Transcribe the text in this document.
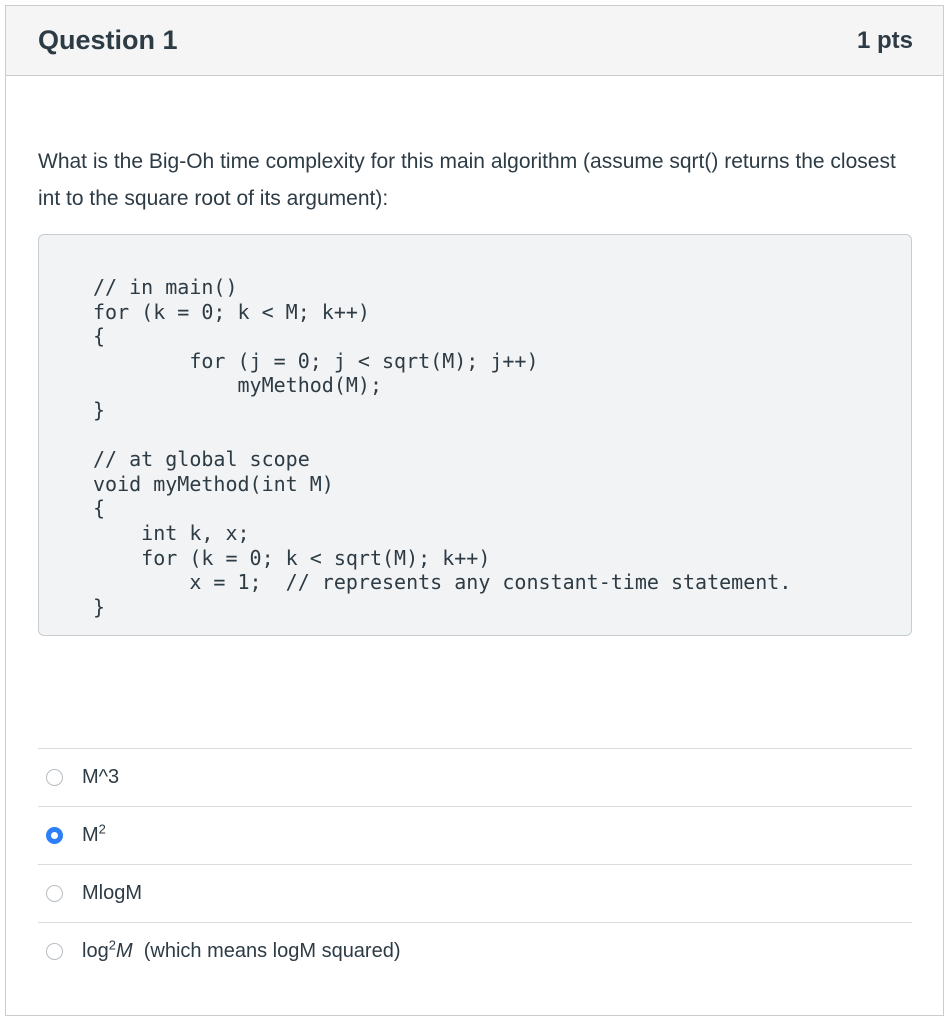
Question 1	1 pts
What is the Big-Oh time complexity for this main algorithm (assume sqrt() returns the closest int to the square root of its argument):
// in main()
for (k = 0; k < M; k++)
{
for (j = 0; j < sqrt(M); j++)
myMethod(M);
}

// at global scope
void myMethod(int M)
{
int k, x;
for (k = 0; k < sqrt(M); k++)
x = 1;  // represents any constant-time statement.
}
M^3
$M^2$
MlogM
$\log^2M$  (which means logM squared)
